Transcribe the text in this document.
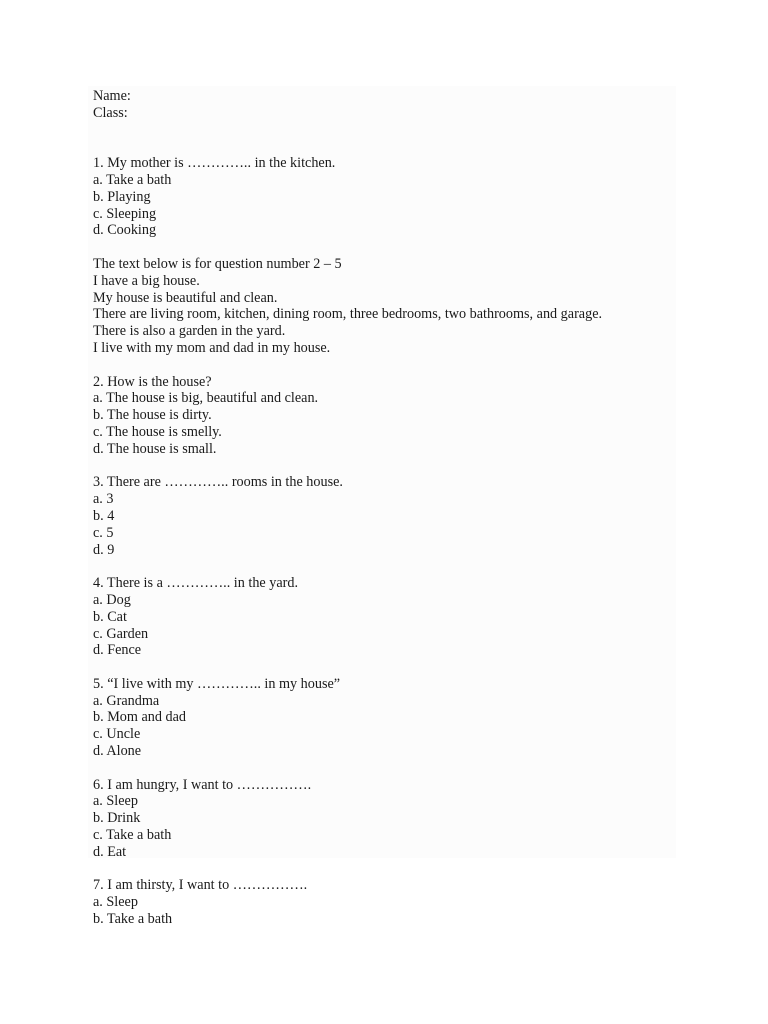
Name:
Class:
1. My mother is ………….. in the kitchen.
a. Take a bath
b. Playing
c. Sleeping
d. Cooking
The text below is for question number 2 – 5
I have a big house.
My house is beautiful and clean.
There are living room, kitchen, dining room, three bedrooms, two bathrooms, and garage.
There is also a garden in the yard.
I live with my mom and dad in my house.
2. How is the house?
a. The house is big, beautiful and clean.
b. The house is dirty.
c. The house is smelly.
d. The house is small.
3. There are ………….. rooms in the house.
a. 3
b. 4
c. 5
d. 9
4. There is a ………….. in the yard.
a. Dog
b. Cat
c. Garden
d. Fence
5. “I live with my ………….. in my house”
a. Grandma
b. Mom and dad
c. Uncle
d. Alone
6. I am hungry, I want to …………….
a. Sleep
b. Drink
c. Take a bath
d. Eat
7. I am thirsty, I want to …………….
a. Sleep
b. Take a bath
